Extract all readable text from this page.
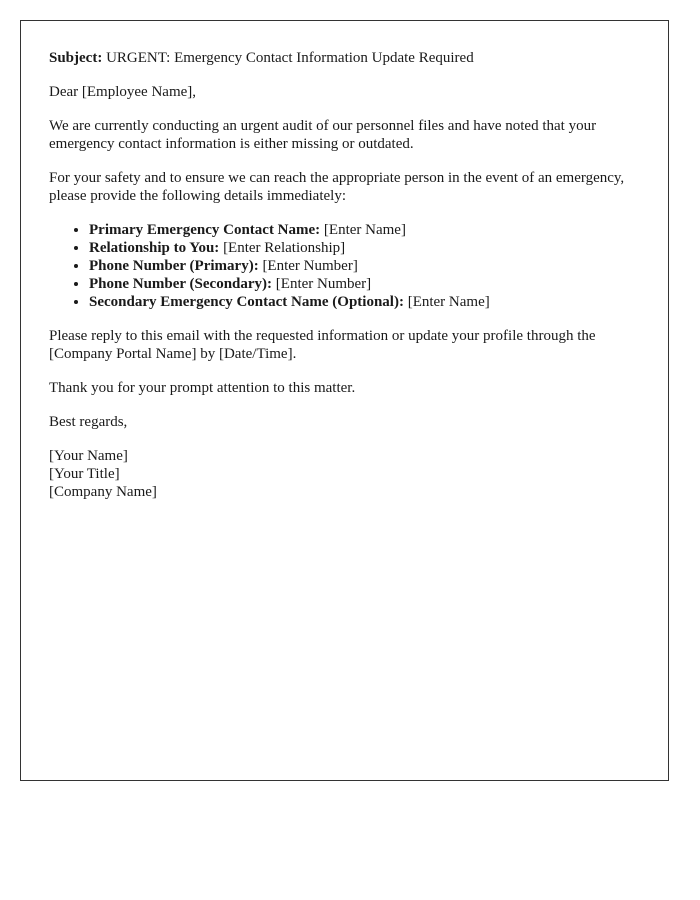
Subject: URGENT: Emergency Contact Information Update Required

Dear [Employee Name],

We are currently conducting an urgent audit of our personnel files and have noted that your emergency contact information is either missing or outdated.

For your safety and to ensure we can reach the appropriate person in the event of an emergency, please provide the following details immediately:

• Primary Emergency Contact Name: [Enter Name]
• Relationship to You: [Enter Relationship]
• Phone Number (Primary): [Enter Number]
• Phone Number (Secondary): [Enter Number]
• Secondary Emergency Contact Name (Optional): [Enter Name]

Please reply to this email with the requested information or update your profile through the [Company Portal Name] by [Date/Time].

Thank you for your prompt attention to this matter.

Best regards,

[Your Name]

[Your Title]

[Company Name]
